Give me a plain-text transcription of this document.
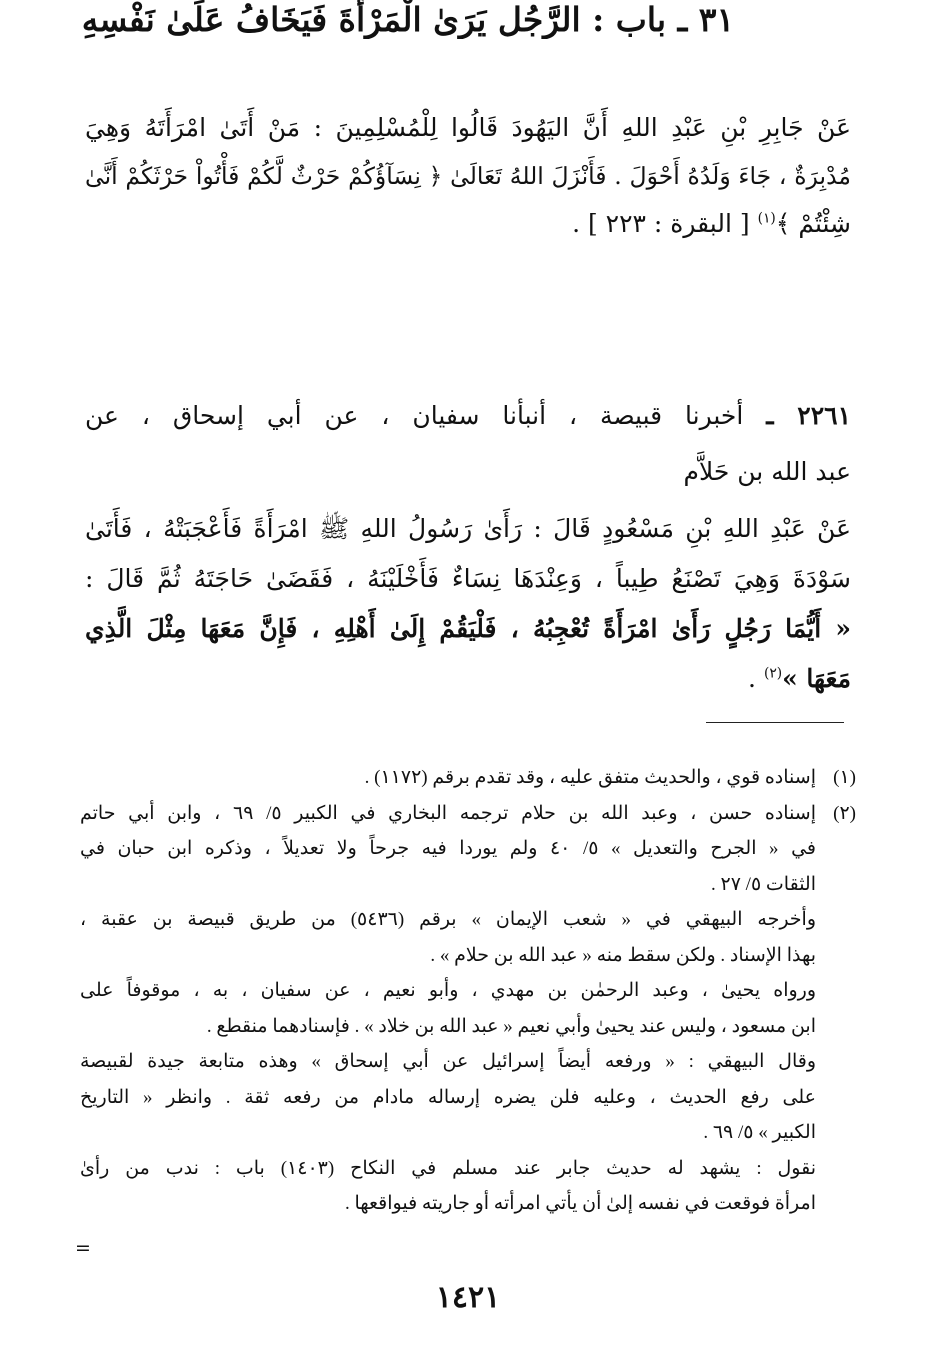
عَنْ جَابِرِ بْنِ عَبْدِ اللهِ أَنَّ اليَهُودَ قَالُوا لِلْمُسْلِمِينَ : مَنْ أَتَىٰ امْرَأَتَهُ وَهِيَ
مُدْبِرَةٌ ، جَاءَ وَلَدُهُ أَحْوَلَ . فَأَنْزَلَ اللهُ تَعَالَىٰ ﴿ نِسَآؤُكُمْ حَرْثٌ لَّكُمْ فَأْتُواْ حَرْثَكُمْ أَنَّىٰ
شِئْتُمْ ﴾$^{(١)}$ [ البقرة : ٢٢٣ ] .
٣١ ـ باب : الرَّجُل يَرَىٰ الْمَرْأَةَ فَيَخَافُ عَلَىٰ نَفْسِهِ
٢٢٦١ ـ أخبرنا قبيصة ، أنبأنا سفيان ، عن أبي إسحاق ، عن
عبد الله بن حَلاَّم
عَنْ عَبْدِ اللهِ بْنِ مَسْعُودٍ قَالَ : رَأَىٰ رَسُولُ اللهِ ﷺ امْرَأَةً فَأَعْجَبَتْهُ ، فَأَتَىٰ
سَوْدَةَ وَهِيَ تَصْنَعُ طِيباً ، وَعِنْدَهَا نِسَاءٌ فَأَخْلَيْنَهُ ، فَقَضَىٰ حَاجَتَهُ ثُمَّ قَالَ :
« أَيُّمَا رَجُلٍ رَأَىٰ امْرَأَةً تُعْجِبُهُ ، فَلْيَقُمْ إِلَىٰ أَهْلِهِ ، فَإِنَّ مَعَهَا مِثْلَ الَّذِي
مَعَهَا »$^{(٢)}$ .
(١)
إسناده قوي ، والحديث متفق عليه ، وقد تقدم برقم (١١٧٢) .
(٢)
إسناده حسن ، وعبد الله بن حلام ترجمه البخاري في الكبير ٥/ ٦٩ ، وابن أبي حاتم
في « الجرح والتعديل » ٥/ ٤٠ ولم يوردا فيه جرحاً ولا تعديلاً ، وذكره ابن حبان في
الثقات ٥/ ٢٧ .
وأخرجه البيهقي في « شعب الإيمان » برقم (٥٤٣٦) من طريق قبيصة بن عقبة ،
بهذا الإسناد . ولكن سقط منه « عبد الله بن حلام » .
ورواه يحيىٰ ، وعبد الرحمٰن بن مهدي ، وأبو نعيم ، عن سفيان ، به ، موقوفاً على
ابن مسعود ، وليس عند يحيىٰ وأبي نعيم « عبد الله بن خلاد » . فإسنادهما منقطع .
وقال البيهقي : « ورفعه أيضاً إسرائيل عن أبي إسحاق » وهذه متابعة جيدة لقبيصة
على رفع الحديث ، وعليه فلن يضره إرساله مادام من رفعه ثقة . وانظر « التاريخ
الكبير » ٥/ ٦٩ .
نقول : يشهد له حديث جابر عند مسلم في النكاح (١٤٠٣) باب : ندب من رأىٰ
امرأة فوقعت في نفسه إلىٰ أن يأتي امرأته أو جاريته فيواقعها .
=
١٤٢١
